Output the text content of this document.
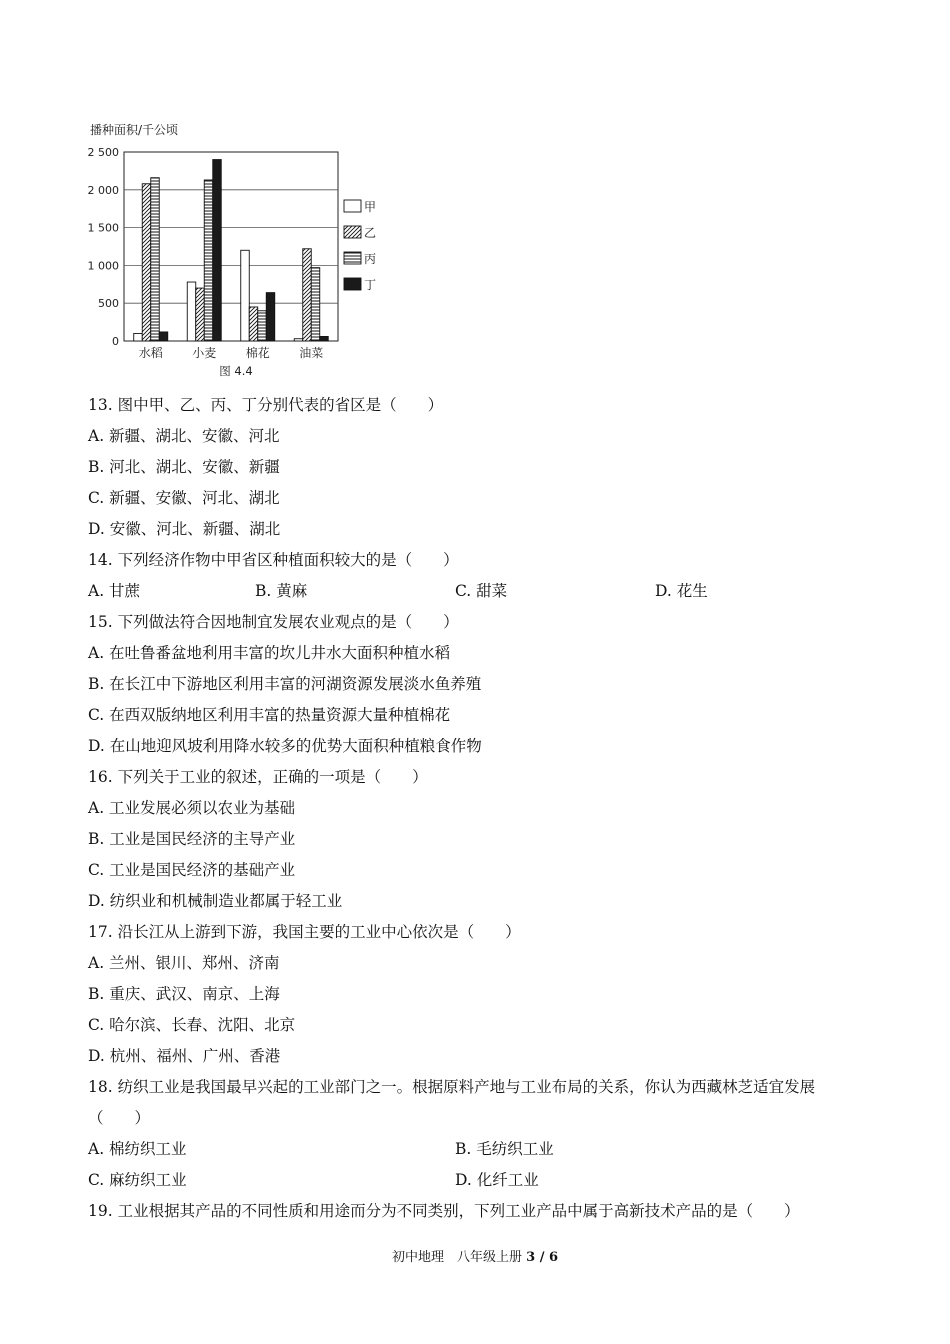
播种面积/千公顷
2 500
2 000
1 500
1 000
500
0
水稻 小麦 棉花 油菜
甲
乙
丙
丁
图 4.4
13. 图中甲、乙、丙、丁分别代表的省区是（　　）
A. 新疆、湖北、安徽、河北
B. 河北、湖北、安徽、新疆
C. 新疆、安徽、河北、湖北
D. 安徽、河北、新疆、湖北
14. 下列经济作物中甲省区种植面积较大的是（　　）
A. 甘蔗	B. 黄麻	C. 甜菜	D. 花生
15. 下列做法符合因地制宜发展农业观点的是（　　）
A. 在吐鲁番盆地利用丰富的坎儿井水大面积种植水稻
B. 在长江中下游地区利用丰富的河湖资源发展淡水鱼养殖
C. 在西双版纳地区利用丰富的热量资源大量种植棉花
D. 在山地迎风坡利用降水较多的优势大面积种植粮食作物
16. 下列关于工业的叙述，正确的一项是（　　）
A. 工业发展必须以农业为基础
B. 工业是国民经济的主导产业
C. 工业是国民经济的基础产业
D. 纺织业和机械制造业都属于轻工业
17. 沿长江从上游到下游，我国主要的工业中心依次是（　　）
A. 兰州、银川、郑州、济南
B. 重庆、武汉、南京、上海
C. 哈尔滨、长春、沈阳、北京
D. 杭州、福州、广州、香港
18. 纺织工业是我国最早兴起的工业部门之一。根据原料产地与工业布局的关系，你认为西藏林芝适宜发展
（　　）
A. 棉纺织工业	B. 毛纺织工业
C. 麻纺织工业	D. 化纤工业
19. 工业根据其产品的不同性质和用途而分为不同类别，下列工业产品中属于高新技术产品的是（　　）
初中地理　八年级上册 3 / 6
